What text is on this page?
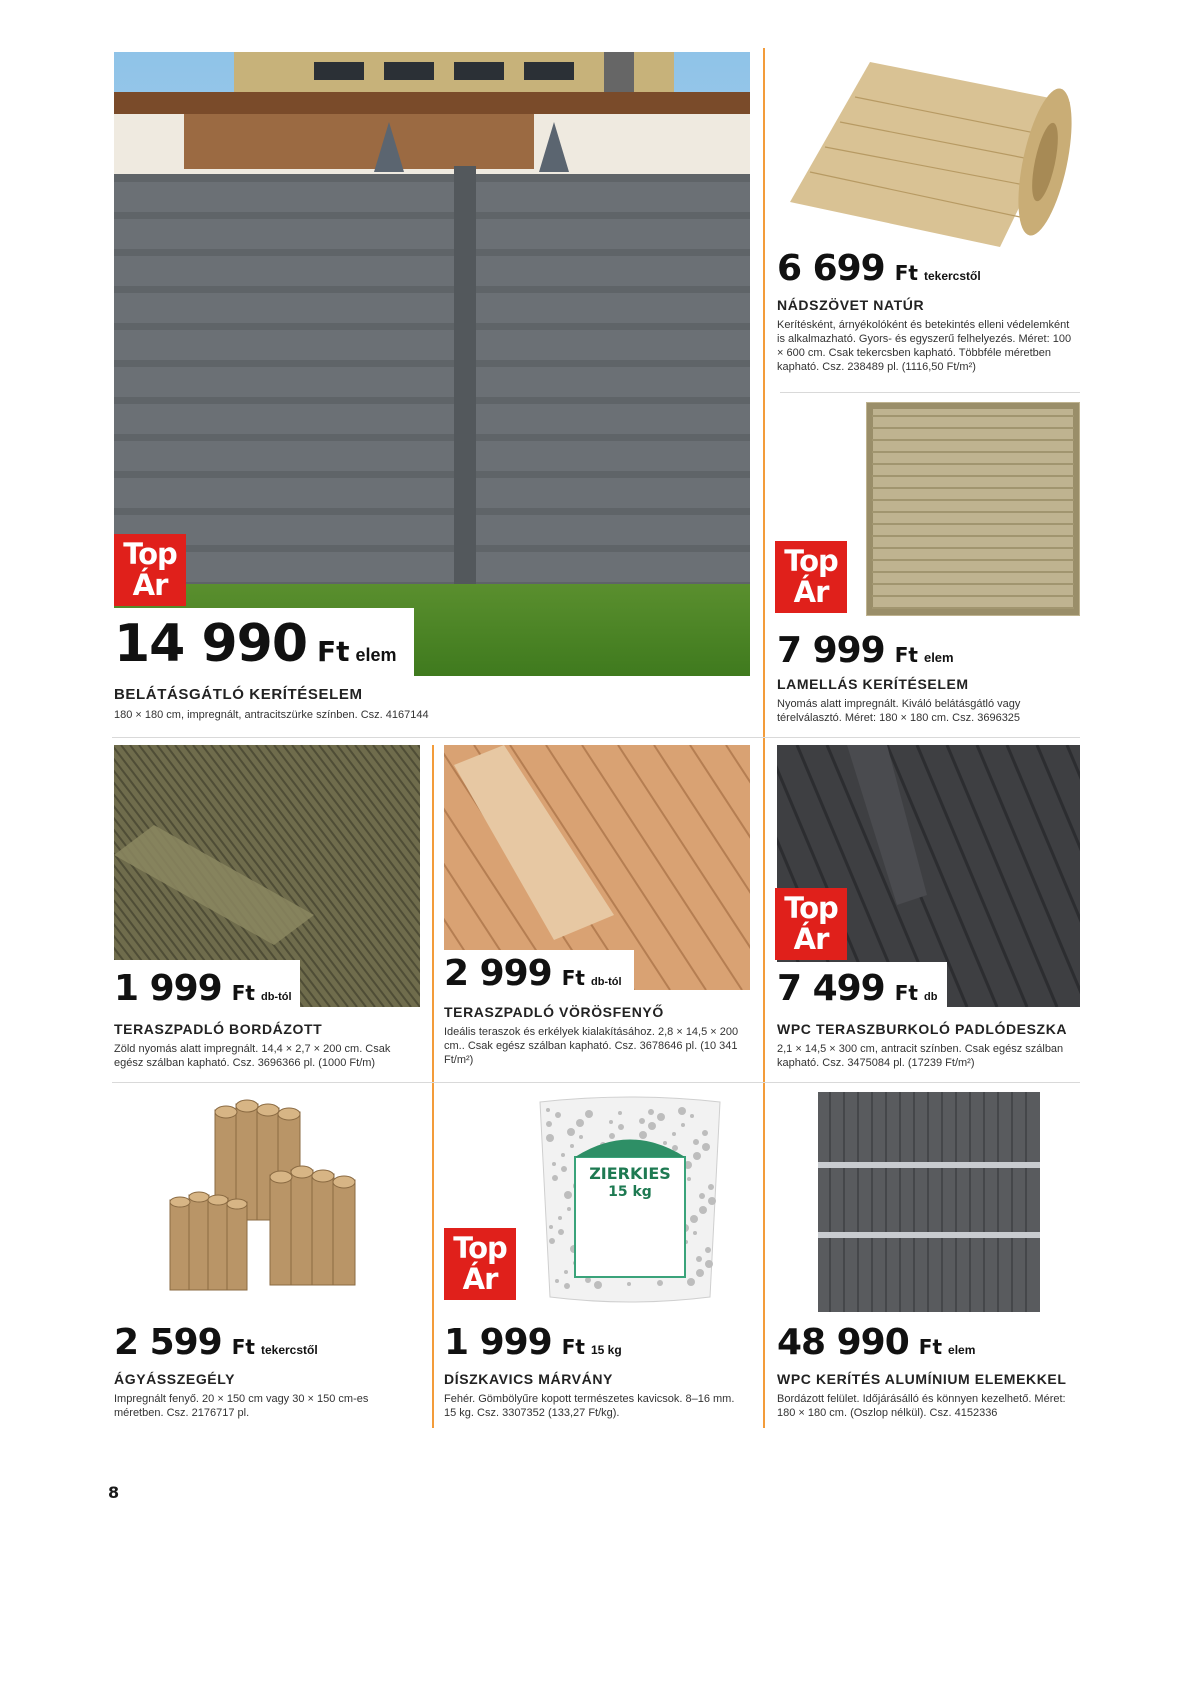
Top
Ár
14 990 Ft elem
BELÁTÁSGÁTLÓ KERÍTÉSELEM
180 × 180 cm, impregnált, antracitszürke színben. Csz. 4167144
6 699 Ft tekercstől
NÁDSZÖVET NATÚR
Kerítésként, árnyékolóként és betekintés elleni védelemként is alkalmazható. Gyors- és egyszerű felhelyezés. Méret: 100 × 600 cm. Csak tekercsben kapható. Többféle méretben kapható. Csz. 238489 pl. (1116,50 Ft/m²)
Top
Ár
7 999 Ft elem
LAMELLÁS KERÍTÉSELEM
Nyomás alatt impregnált. Kiváló belátásgátló vagy térelválasztó. Méret: 180 × 180 cm. Csz. 3696325
1 999 Ft db-tól
TERASZPADLÓ BORDÁZOTT
Zöld nyomás alatt impregnált. 14,4 × 2,7 × 200 cm. Csak egész szálban kapható. Csz. 3696366 pl. (1000 Ft/m)
2 999 Ft db-tól
TERASZPADLÓ VÖRÖSFENYŐ
Ideális teraszok és erkélyek kialakításához. 2,8 × 14,5 × 200 cm.. Csak egész szálban kapható. Csz. 3678646 pl. (10 341 Ft/m²)
Top
Ár
7 499 Ft db
WPC TERASZBURKOLÓ PADLÓDESZKA
2,1 × 14,5 × 300 cm, antracit színben. Csak egész szálban kapható. Csz. 3475084 pl. (17239 Ft/m²)
2 599 Ft tekercstől
ÁGYÁSSZEGÉLY
Impregnált fenyő. 20 × 150 cm vagy 30 × 150 cm-es méretben. Csz. 2176717 pl.
ZIERKIES
15 kg
Top
Ár
1 999 Ft 15 kg
DÍSZKAVICS MÁRVÁNY
Fehér. Gömbölyűre kopott természetes kavicsok. 8–16 mm. 15 kg. Csz. 3307352 (133,27 Ft/kg).
48 990 Ft elem
WPC KERÍTÉS ALUMÍNIUM ELEMEKKEL
Bordázott felület. Időjárásálló és könnyen kezelhető. Méret: 180 × 180 cm. (Oszlop nélkül). Csz. 4152336
8
